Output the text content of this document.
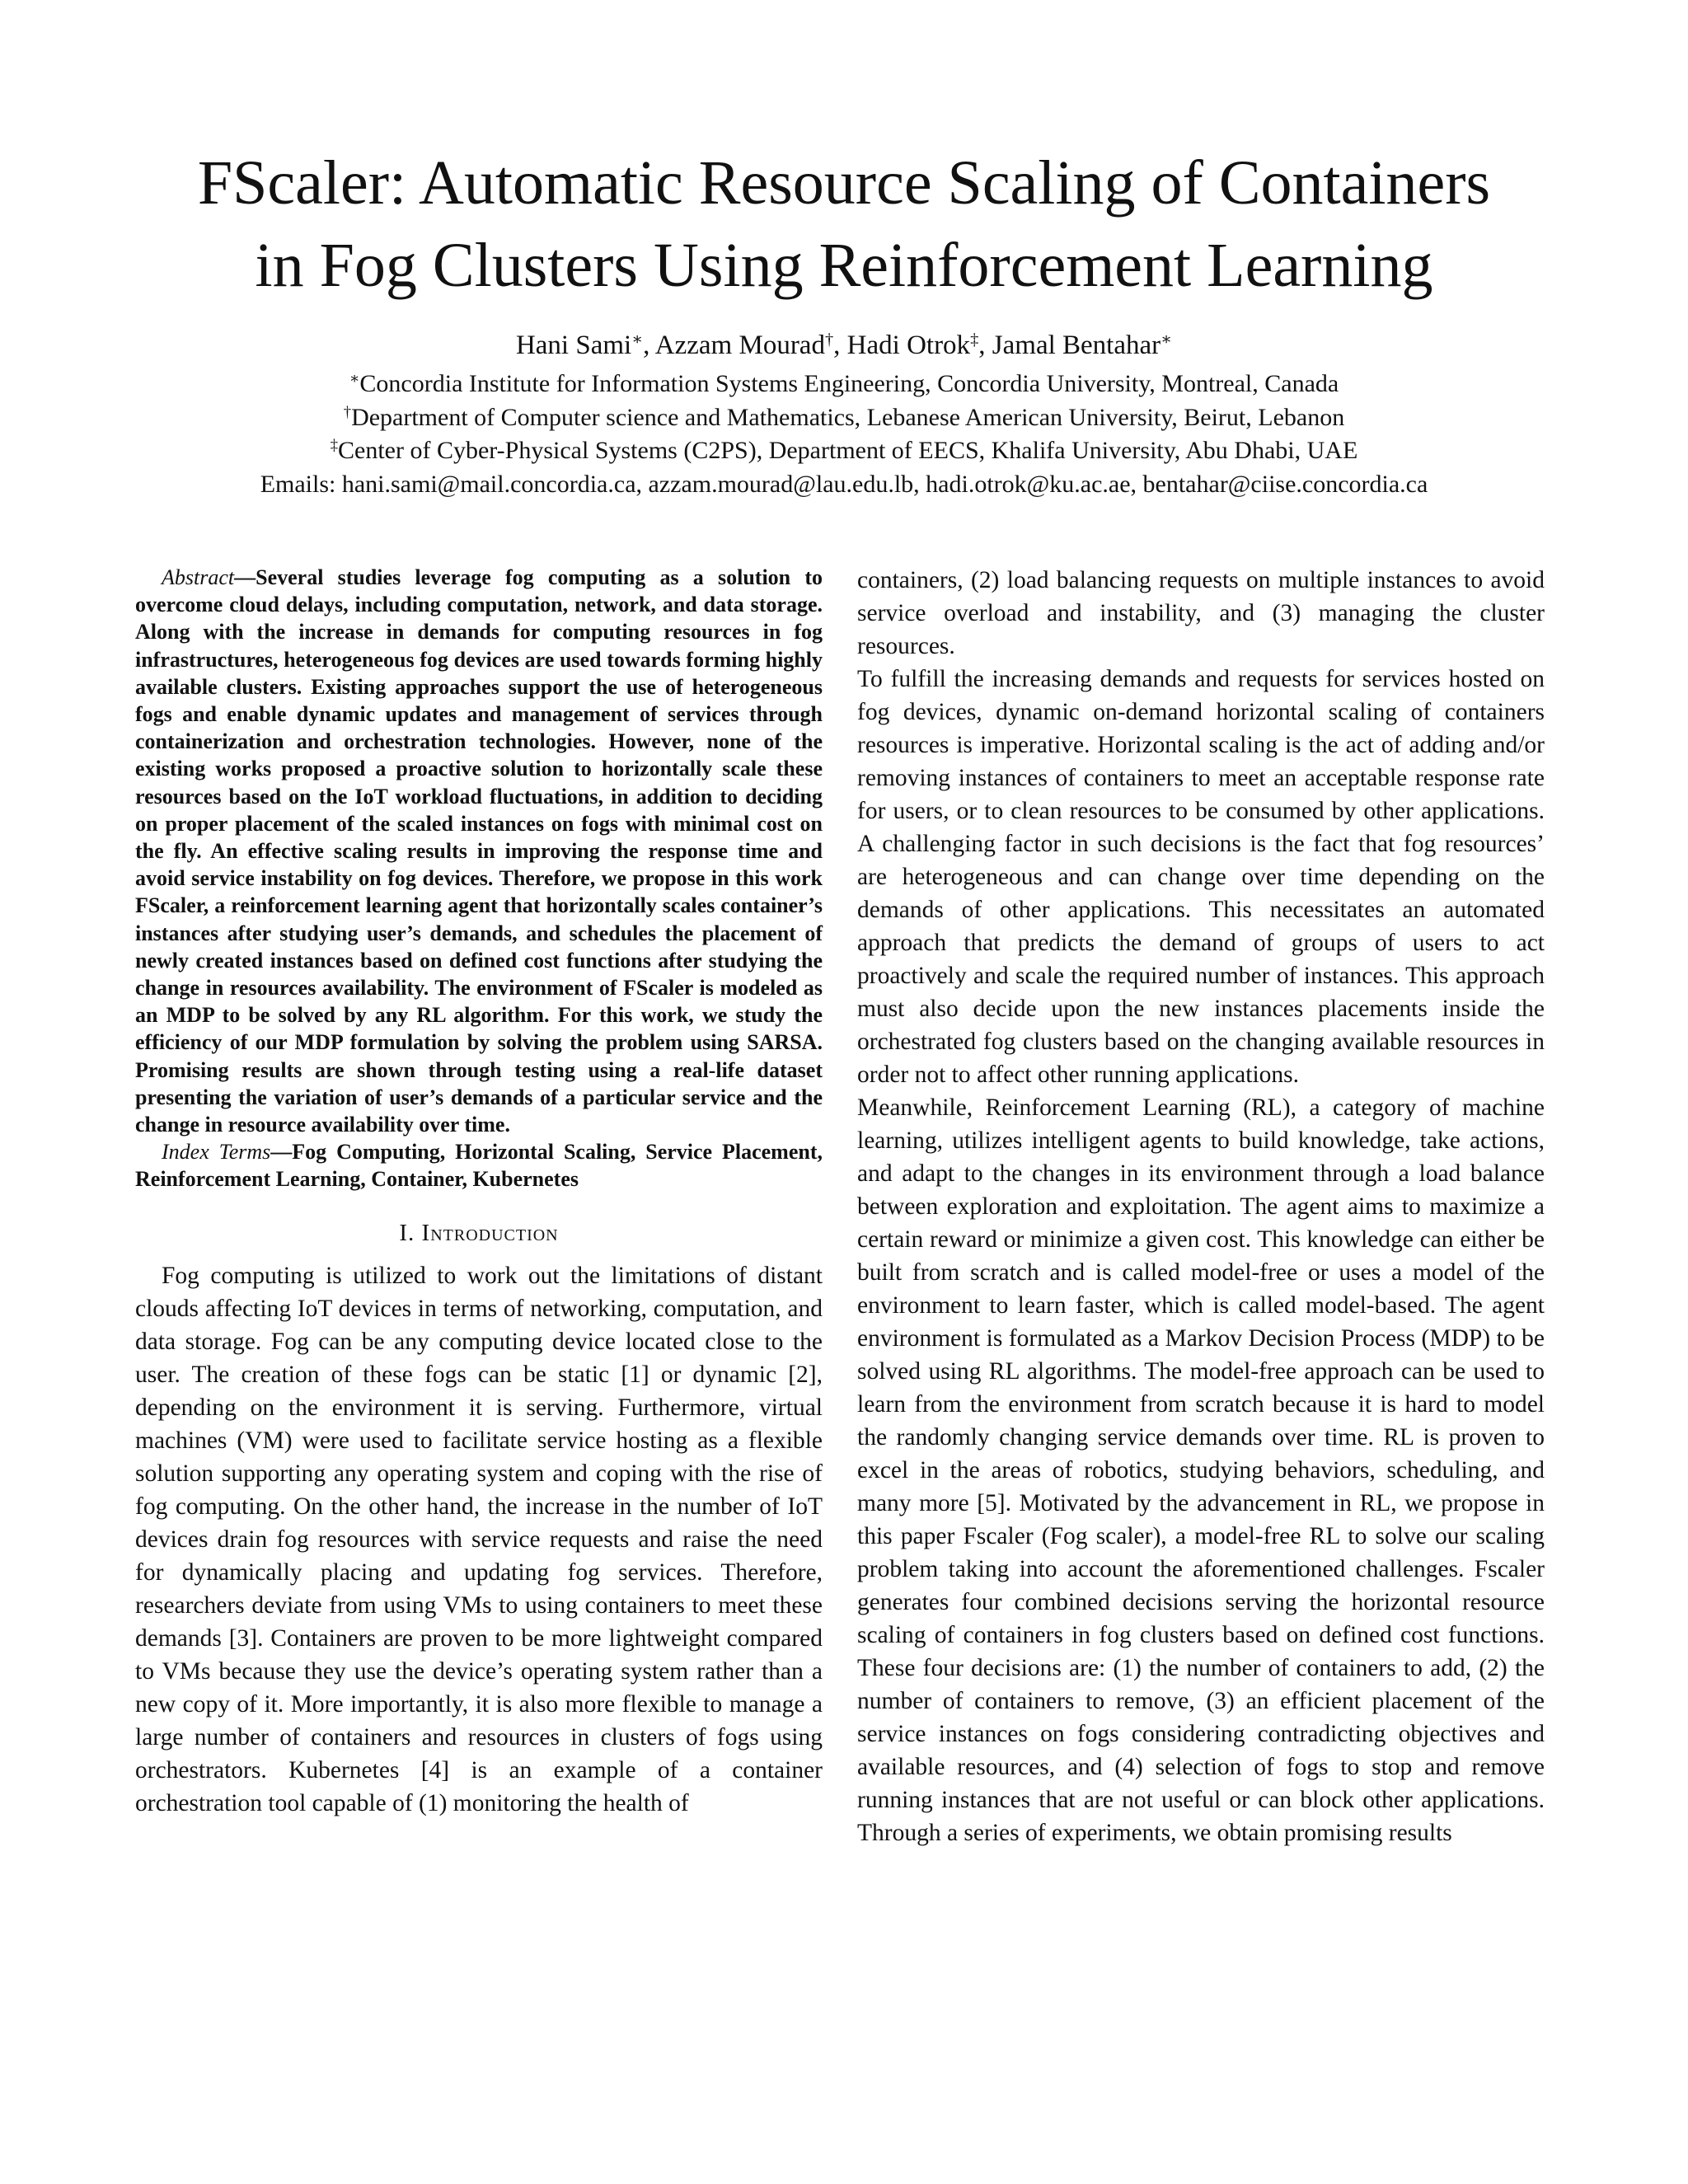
FScaler: Automatic Resource Scaling of Containers
in Fog Clusters Using Reinforcement Learning
Hani Sami∗, Azzam Mourad†, Hadi Otrok‡, Jamal Bentahar∗
∗Concordia Institute for Information Systems Engineering, Concordia University, Montreal, Canada
†Department of Computer science and Mathematics, Lebanese American University, Beirut, Lebanon
‡Center of Cyber-Physical Systems (C2PS), Department of EECS, Khalifa University, Abu Dhabi, UAE
Emails: hani.sami@mail.concordia.ca, azzam.mourad@lau.edu.lb, hadi.otrok@ku.ac.ae, bentahar@ciise.concordia.ca

Abstract—Several studies leverage fog computing as a solution to overcome cloud delays, including computation, network, and data storage. Along with the increase in demands for computing resources in fog infrastructures, heterogeneous fog devices are used towards forming highly available clusters. Existing approaches support the use of heterogeneous fogs and enable dynamic updates and management of services through containerization and orchestration technologies. However, none of the existing works proposed a proactive solution to horizontally scale these resources based on the IoT workload fluctuations, in addition to deciding on proper placement of the scaled instances on fogs with minimal cost on the fly. An effective scaling results in improving the response time and avoid service instability on fog devices. Therefore, we propose in this work FScaler, a reinforcement learning agent that horizontally scales container’s instances after studying user’s demands, and schedules the placement of newly created instances based on defined cost functions after studying the change in resources availability. The environment of FScaler is modeled as an MDP to be solved by any RL algorithm. For this work, we study the efficiency of our MDP formulation by solving the problem using SARSA. Promising results are shown through testing using a real-life dataset presenting the variation of user’s demands of a particular service and the change in resource availability over time.

Index Terms—Fog Computing, Horizontal Scaling, Service Placement, Reinforcement Learning, Container, Kubernetes

I. Introduction

Fog computing is utilized to work out the limitations of distant clouds affecting IoT devices in terms of networking, computation, and data storage. Fog can be any computing device located close to the user. The creation of these fogs can be static [1] or dynamic [2], depending on the environment it is serving. Furthermore, virtual machines (VM) were used to facilitate service hosting as a flexible solution supporting any operating system and coping with the rise of fog computing. On the other hand, the increase in the number of IoT devices drain fog resources with service requests and raise the need for dynamically placing and updating fog services. Therefore, researchers deviate from using VMs to using containers to meet these demands [3]. Containers are proven to be more lightweight compared to VMs because they use the device’s operating system rather than a new copy of it. More importantly, it is also more flexible to manage a large number of containers and resources in clusters of fogs using orchestrators. Kubernetes [4] is an example of a container orchestration tool capable of (1) monitoring the health of

containers, (2) load balancing requests on multiple instances to avoid service overload and instability, and (3) managing the cluster resources.

To fulfill the increasing demands and requests for services hosted on fog devices, dynamic on-demand horizontal scaling of containers resources is imperative. Horizontal scaling is the act of adding and/or removing instances of containers to meet an acceptable response rate for users, or to clean resources to be consumed by other applications. A challenging factor in such decisions is the fact that fog resources’ are heterogeneous and can change over time depending on the demands of other applications. This necessitates an automated approach that predicts the demand of groups of users to act proactively and scale the required number of instances. This approach must also decide upon the new instances placements inside the orchestrated fog clusters based on the changing available resources in order not to affect other running applications.

Meanwhile, Reinforcement Learning (RL), a category of machine learning, utilizes intelligent agents to build knowledge, take actions, and adapt to the changes in its environment through a load balance between exploration and exploitation. The agent aims to maximize a certain reward or minimize a given cost. This knowledge can either be built from scratch and is called model-free or uses a model of the environment to learn faster, which is called model-based. The agent environment is formulated as a Markov Decision Process (MDP) to be solved using RL algorithms. The model-free approach can be used to learn from the environment from scratch because it is hard to model the randomly changing service demands over time. RL is proven to excel in the areas of robotics, studying behaviors, scheduling, and many more [5]. Motivated by the advancement in RL, we propose in this paper Fscaler (Fog scaler), a model-free RL to solve our scaling problem taking into account the aforementioned challenges. Fscaler generates four combined decisions serving the horizontal resource scaling of containers in fog clusters based on defined cost functions. These four decisions are: (1) the number of containers to add, (2) the number of containers to remove, (3) an efficient placement of the service instances on fogs considering contradicting objectives and available resources, and (4) selection of fogs to stop and remove running instances that are not useful or can block other applications. Through a series of experiments, we obtain promising results
